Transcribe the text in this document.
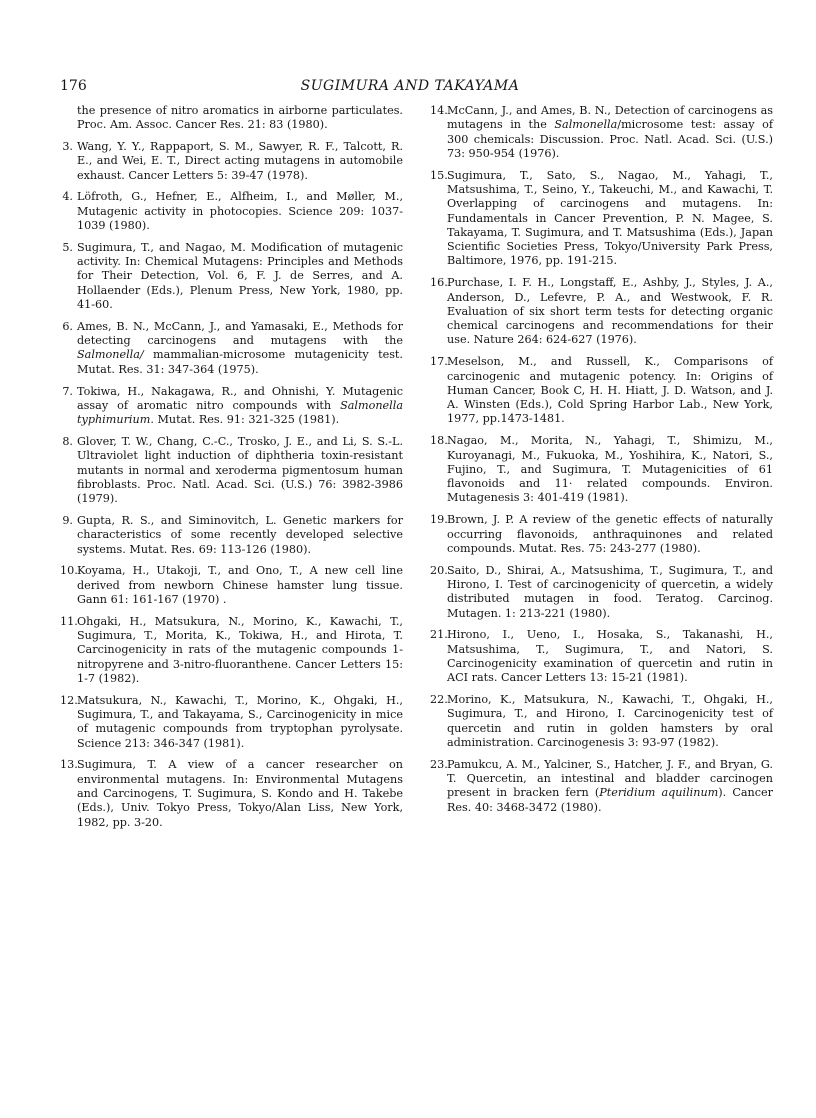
176	SUGIMURA AND TAKAYAMA
the presence of nitro aromatics in airborne particulates. Proc. Am. Assoc. Cancer Res. 21: 83 (1980).
3. Wang, Y. Y., Rappaport, S. M., Sawyer, R. F., Talcott, R. E., and Wei, E. T., Direct acting mutagens in automobile exhaust. Cancer Letters 5: 39-47 (1978).
4. Löfroth, G., Hefner, E., Alfheim, I., and Møller, M., Mutagenic activity in photocopies. Science 209: 1037-1039 (1980).
5. Sugimura, T., and Nagao, M. Modification of mutagenic activity. In: Chemical Mutagens: Principles and Methods for Their Detection, Vol. 6, F. J. de Serres, and A. Hollaender (Eds.), Plenum Press, New York, 1980, pp. 41-60.
6. Ames, B. N., McCann, J., and Yamasaki, E., Methods for detecting carcinogens and mutagens with the Salmonella/ mammalian-microsome mutagenicity test. Mutat. Res. 31: 347-364 (1975).
7. Tokiwa, H., Nakagawa, R., and Ohnishi, Y. Mutagenic assay of aromatic nitro compounds with Salmonella typhimurium. Mutat. Res. 91: 321-325 (1981).
8. Glover, T. W., Chang, C.-C., Trosko, J. E., and Li, S. S.-L. Ultraviolet light induction of diphtheria toxin-resistant mutants in normal and xeroderma pigmentosum human fibroblasts. Proc. Natl. Acad. Sci. (U.S.) 76: 3982-3986 (1979).
9. Gupta, R. S., and Siminovitch, L. Genetic markers for characteristics of some recently developed selective systems. Mutat. Res. 69: 113-126 (1980).
10. Koyama, H., Utakoji, T., and Ono, T., A new cell line derived from newborn Chinese hamster lung tissue. Gann 61: 161-167 (1970) .
11. Ohgaki, H., Matsukura, N., Morino, K., Kawachi, T., Sugimura, T., Morita, K., Tokiwa, H., and Hirota, T. Carcinogenicity in rats of the mutagenic compounds 1-nitropyrene and 3-nitro-fluoranthene. Cancer Letters 15: 1-7 (1982).
12. Matsukura, N., Kawachi, T., Morino, K., Ohgaki, H., Sugimura, T., and Takayama, S., Carcinogenicity in mice of mutagenic compounds from tryptophan pyrolysate. Science 213: 346-347 (1981).
13. Sugimura, T. A view of a cancer researcher on environmental mutagens. In: Environmental Mutagens and Carcinogens, T. Sugimura, S. Kondo and H. Takebe (Eds.), Univ. Tokyo Press, Tokyo/Alan Liss, New York, 1982, pp. 3-20.
14. McCann, J., and Ames, B. N., Detection of carcinogens as mutagens in the Salmonella/microsome test: assay of 300 chemicals: Discussion. Proc. Natl. Acad. Sci. (U.S.) 73: 950-954 (1976).
15. Sugimura, T., Sato, S., Nagao, M., Yahagi, T., Matsushima, T., Seino, Y., Takeuchi, M., and Kawachi, T. Overlapping of carcinogens and mutagens. In: Fundamentals in Cancer Prevention, P. N. Magee, S. Takayama, T. Sugimura, and T. Matsushima (Eds.), Japan Scientific Societies Press, Tokyo/University Park Press, Baltimore, 1976, pp. 191-215.
16. Purchase, I. F. H., Longstaff, E., Ashby, J., Styles, J. A., Anderson, D., Lefevre, P. A., and Westwook, F. R. Evaluation of six short term tests for detecting organic chemical carcinogens and recommendations for their use. Nature 264: 624-627 (1976).
17. Meselson, M., and Russell, K., Comparisons of carcinogenic and mutagenic potency. In: Origins of Human Cancer, Book C, H. H. Hiatt, J. D. Watson, and J. A. Winsten (Eds.), Cold Spring Harbor Lab., New York, 1977, pp.1473-1481.
18. Nagao, M., Morita, N., Yahagi, T., Shimizu, M., Kuroyanagi, M., Fukuoka, M., Yoshihira, K., Natori, S., Fujino, T., and Sugimura, T. Mutagenicities of 61 flavonoids and 11· related compounds. Environ. Mutagenesis 3: 401-419 (1981).
19. Brown, J. P. A review of the genetic effects of naturally occurring flavonoids, anthraquinones and related compounds. Mutat. Res. 75: 243-277 (1980).
20. Saito, D., Shirai, A., Matsushima, T., Sugimura, T., and Hirono, I. Test of carcinogenicity of quercetin, a widely distributed mutagen in food. Teratog. Carcinog. Mutagen. 1: 213-221 (1980).
21. Hirono, I., Ueno, I., Hosaka, S., Takanashi, H., Matsushima, T., Sugimura, T., and Natori, S. Carcinogenicity examination of quercetin and rutin in ACI rats. Cancer Letters 13: 15-21 (1981).
22. Morino, K., Matsukura, N., Kawachi, T., Ohgaki, H., Sugimura, T., and Hirono, I. Carcinogenicity test of quercetin and rutin in golden hamsters by oral administration. Carcinogenesis 3: 93-97 (1982).
23. Pamukcu, A. M., Yalciner, S., Hatcher, J. F., and Bryan, G. T. Quercetin, an intestinal and bladder carcinogen present in bracken fern (Pteridium aquilinum). Cancer Res. 40: 3468-3472 (1980).
